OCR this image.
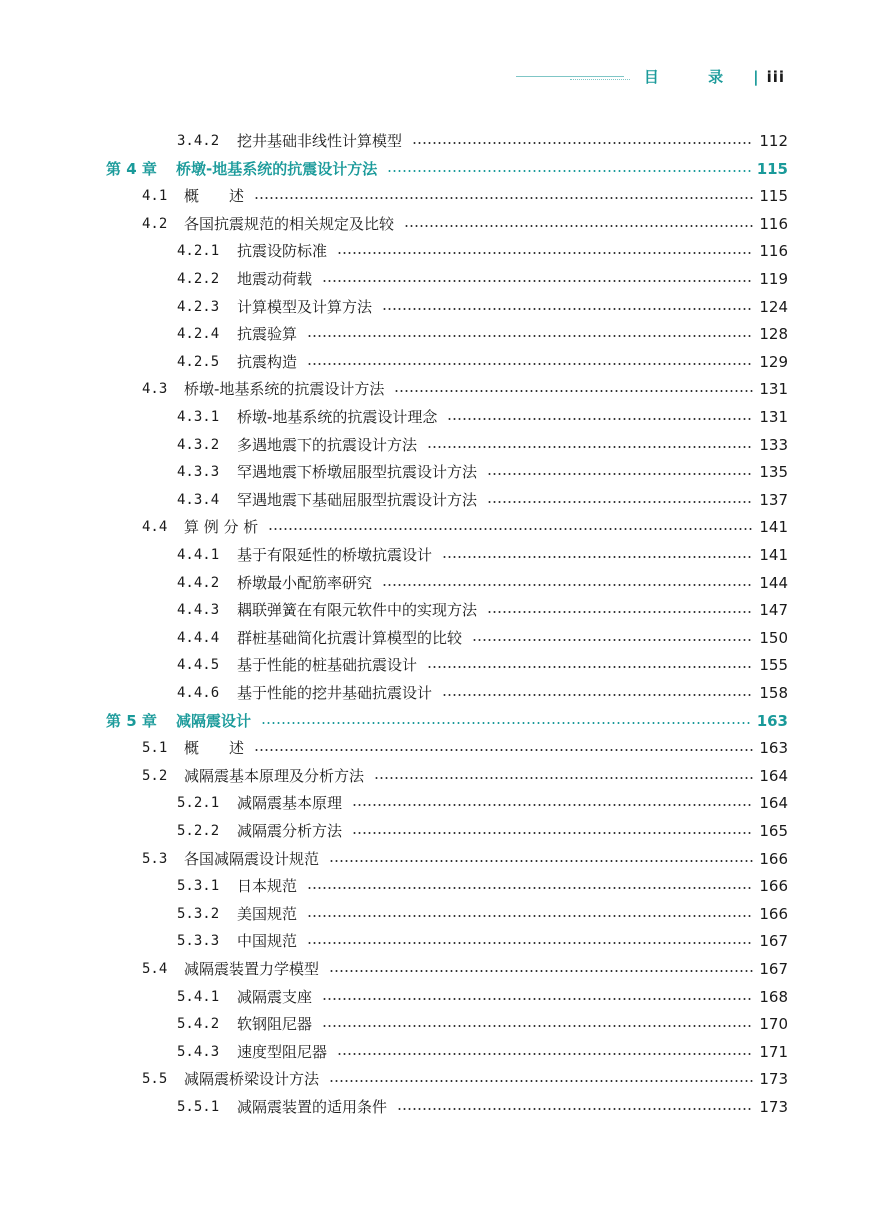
目 录 | iii
3.4.2	挖井基础非线性计算模型	112
第 4 章	桥墩-地基系统的抗震设计方法	115
4.1	概　　述	115
4.2	各国抗震规范的相关规定及比较	116
4.2.1	抗震设防标准	116
4.2.2	地震动荷载	119
4.2.3	计算模型及计算方法	124
4.2.4	抗震验算	128
4.2.5	抗震构造	129
4.3	桥墩-地基系统的抗震设计方法	131
4.3.1	桥墩-地基系统的抗震设计理念	131
4.3.2	多遇地震下的抗震设计方法	133
4.3.3	罕遇地震下桥墩屈服型抗震设计方法	135
4.3.4	罕遇地震下基础屈服型抗震设计方法	137
4.4	算 例 分 析	141
4.4.1	基于有限延性的桥墩抗震设计	141
4.4.2	桥墩最小配筋率研究	144
4.4.3	耦联弹簧在有限元软件中的实现方法	147
4.4.4	群桩基础简化抗震计算模型的比较	150
4.4.5	基于性能的桩基础抗震设计	155
4.4.6	基于性能的挖井基础抗震设计	158
第 5 章	减隔震设计	163
5.1	概　　述	163
5.2	减隔震基本原理及分析方法	164
5.2.1	减隔震基本原理	164
5.2.2	减隔震分析方法	165
5.3	各国减隔震设计规范	166
5.3.1	日本规范	166
5.3.2	美国规范	166
5.3.3	中国规范	167
5.4	减隔震装置力学模型	167
5.4.1	减隔震支座	168
5.4.2	软钢阻尼器	170
5.4.3	速度型阻尼器	171
5.5	减隔震桥梁设计方法	173
5.5.1	减隔震装置的适用条件	173
